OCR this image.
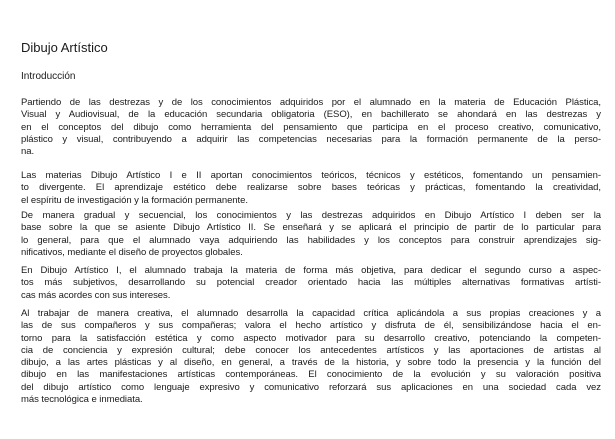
Dibujo Artístico
Introducción
Partiendo de las destrezas y de los conocimientos adquiridos por el alumnado en la materia de Educación Plástica,
Visual y Audiovisual, de la educación secundaria obligatoria (ESO), en bachillerato se ahondará en las destrezas y
en el conceptos del dibujo como herramienta del pensamiento que participa en el proceso creativo, comunicativo,
plástico y visual, contribuyendo a adquirir las competencias necesarias para la formación permanente de la perso-
na.
Las materias Dibujo Artístico I e II aportan conocimientos teóricos, técnicos y estéticos, fomentando un pensamien-
to divergente. El aprendizaje estético debe realizarse sobre bases teóricas y prácticas, fomentando la creatividad,
el espíritu de investigación y la formación permanente.
De manera gradual y secuencial, los conocimientos y las destrezas adquiridos en Dibujo Artístico I deben ser la
base sobre la que se asiente Dibujo Artístico II. Se enseñará y se aplicará el principio de partir de lo particular para
lo general, para que el alumnado vaya adquiriendo las habilidades y los conceptos para construir aprendizajes sig-
nificativos, mediante el diseño de proyectos globales.
En Dibujo Artístico I, el alumnado trabaja la materia de forma más objetiva, para dedicar el segundo curso a aspec-
tos más subjetivos, desarrollando su potencial creador orientado hacia las múltiples alternativas formativas artísti-
cas más acordes con sus intereses.
Al trabajar de manera creativa, el alumnado desarrolla la capacidad crítica aplicándola a sus propias creaciones y a
las de sus compañeros y sus compañeras; valora el hecho artístico y disfruta de él, sensibilizándose hacia el en-
torno para la satisfacción estética y como aspecto motivador para su desarrollo creativo, potenciando la competen-
cia de conciencia y expresión cultural; debe conocer los antecedentes artísticos y las aportaciones de artistas al
dibujo, a las artes plásticas y al diseño, en general, a través de la historia, y sobre todo la presencia y la función del
dibujo en las manifestaciones artísticas contemporáneas. El conocimiento de la evolución y su valoración positiva
del dibujo artístico como lenguaje expresivo y comunicativo reforzará sus aplicaciones en una sociedad cada vez
más tecnológica e inmediata.
